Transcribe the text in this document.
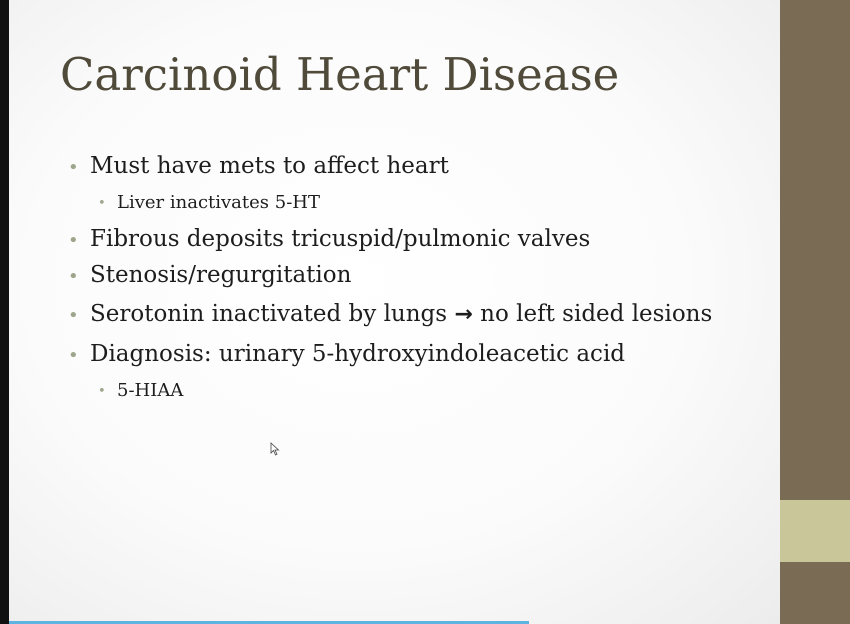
Carcinoid Heart Disease
• Must have mets to affect heart
• Liver inactivates 5-HT
• Fibrous deposits tricuspid/pulmonic valves
• Stenosis/regurgitation
• Serotonin inactivated by lungs → no left sided lesions
• Diagnosis: urinary 5-hydroxyindoleacetic acid
• 5-HIAA
